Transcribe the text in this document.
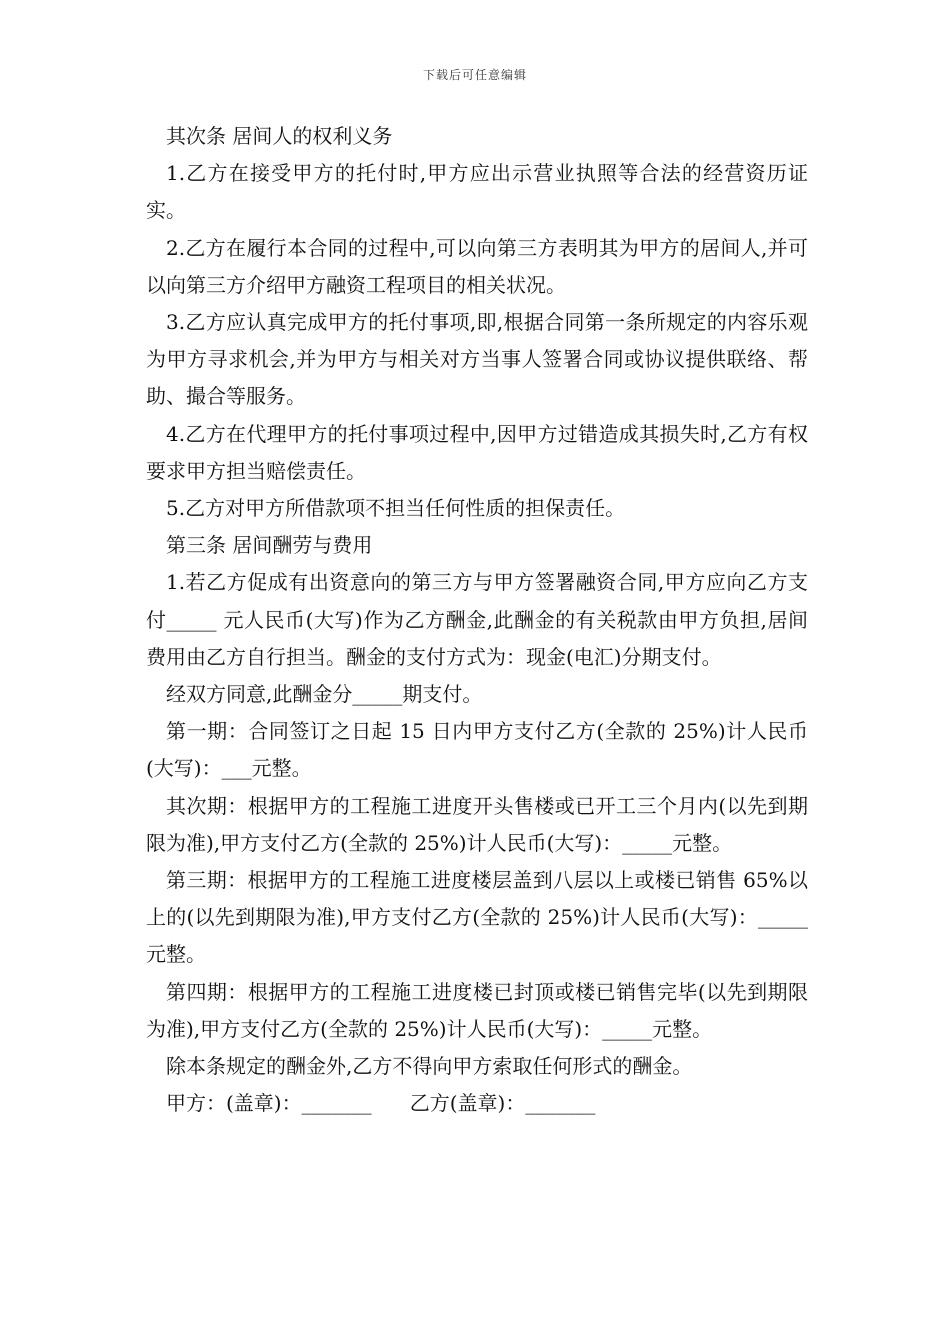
下载后可任意编辑

其次条 居间人的权利义务

1.乙方在接受甲方的托付时,甲方应出示营业执照等合法的经营资历证实。

2.乙方在履行本合同的过程中,可以向第三方表明其为甲方的居间人,并可以向第三方介绍甲方融资工程项目的相关状况。

3.乙方应认真完成甲方的托付事项,即,根据合同第一条所规定的内容乐观为甲方寻求机会,并为甲方与相关对方当事人签署合同或协议提供联络、帮助、撮合等服务。

4.乙方在代理甲方的托付事项过程中,因甲方过错造成其损失时,乙方有权要求甲方担当赔偿责任。

5.乙方对甲方所借款项不担当任何性质的担保责任。

第三条 居间酬劳与费用

1.若乙方促成有出资意向的第三方与甲方签署融资合同,甲方应向乙方支付_____ 元人民币(大写)作为乙方酬金,此酬金的有关税款由甲方负担,居间费用由乙方自行担当。酬金的支付方式为：现金(电汇)分期支付。

经双方同意,此酬金分_____期支付。

第一期：合同签订之日起 15 日内甲方支付乙方(全款的 25%)计人民币(大写)：___元整。

其次期：根据甲方的工程施工进度开头售楼或已开工三个月内(以先到期限为准),甲方支付乙方(全款的 25%)计人民币(大写)：_____元整。

第三期：根据甲方的工程施工进度楼层盖到八层以上或楼已销售 65%以上的(以先到期限为准),甲方支付乙方(全款的 25%)计人民币(大写)：_____元整。

第四期：根据甲方的工程施工进度楼已封顶或楼已销售完毕(以先到期限为准),甲方支付乙方(全款的 25%)计人民币(大写)：_____元整。

除本条规定的酬金外,乙方不得向甲方索取任何形式的酬金。

甲方：(盖章)：_______      乙方(盖章)：_______
